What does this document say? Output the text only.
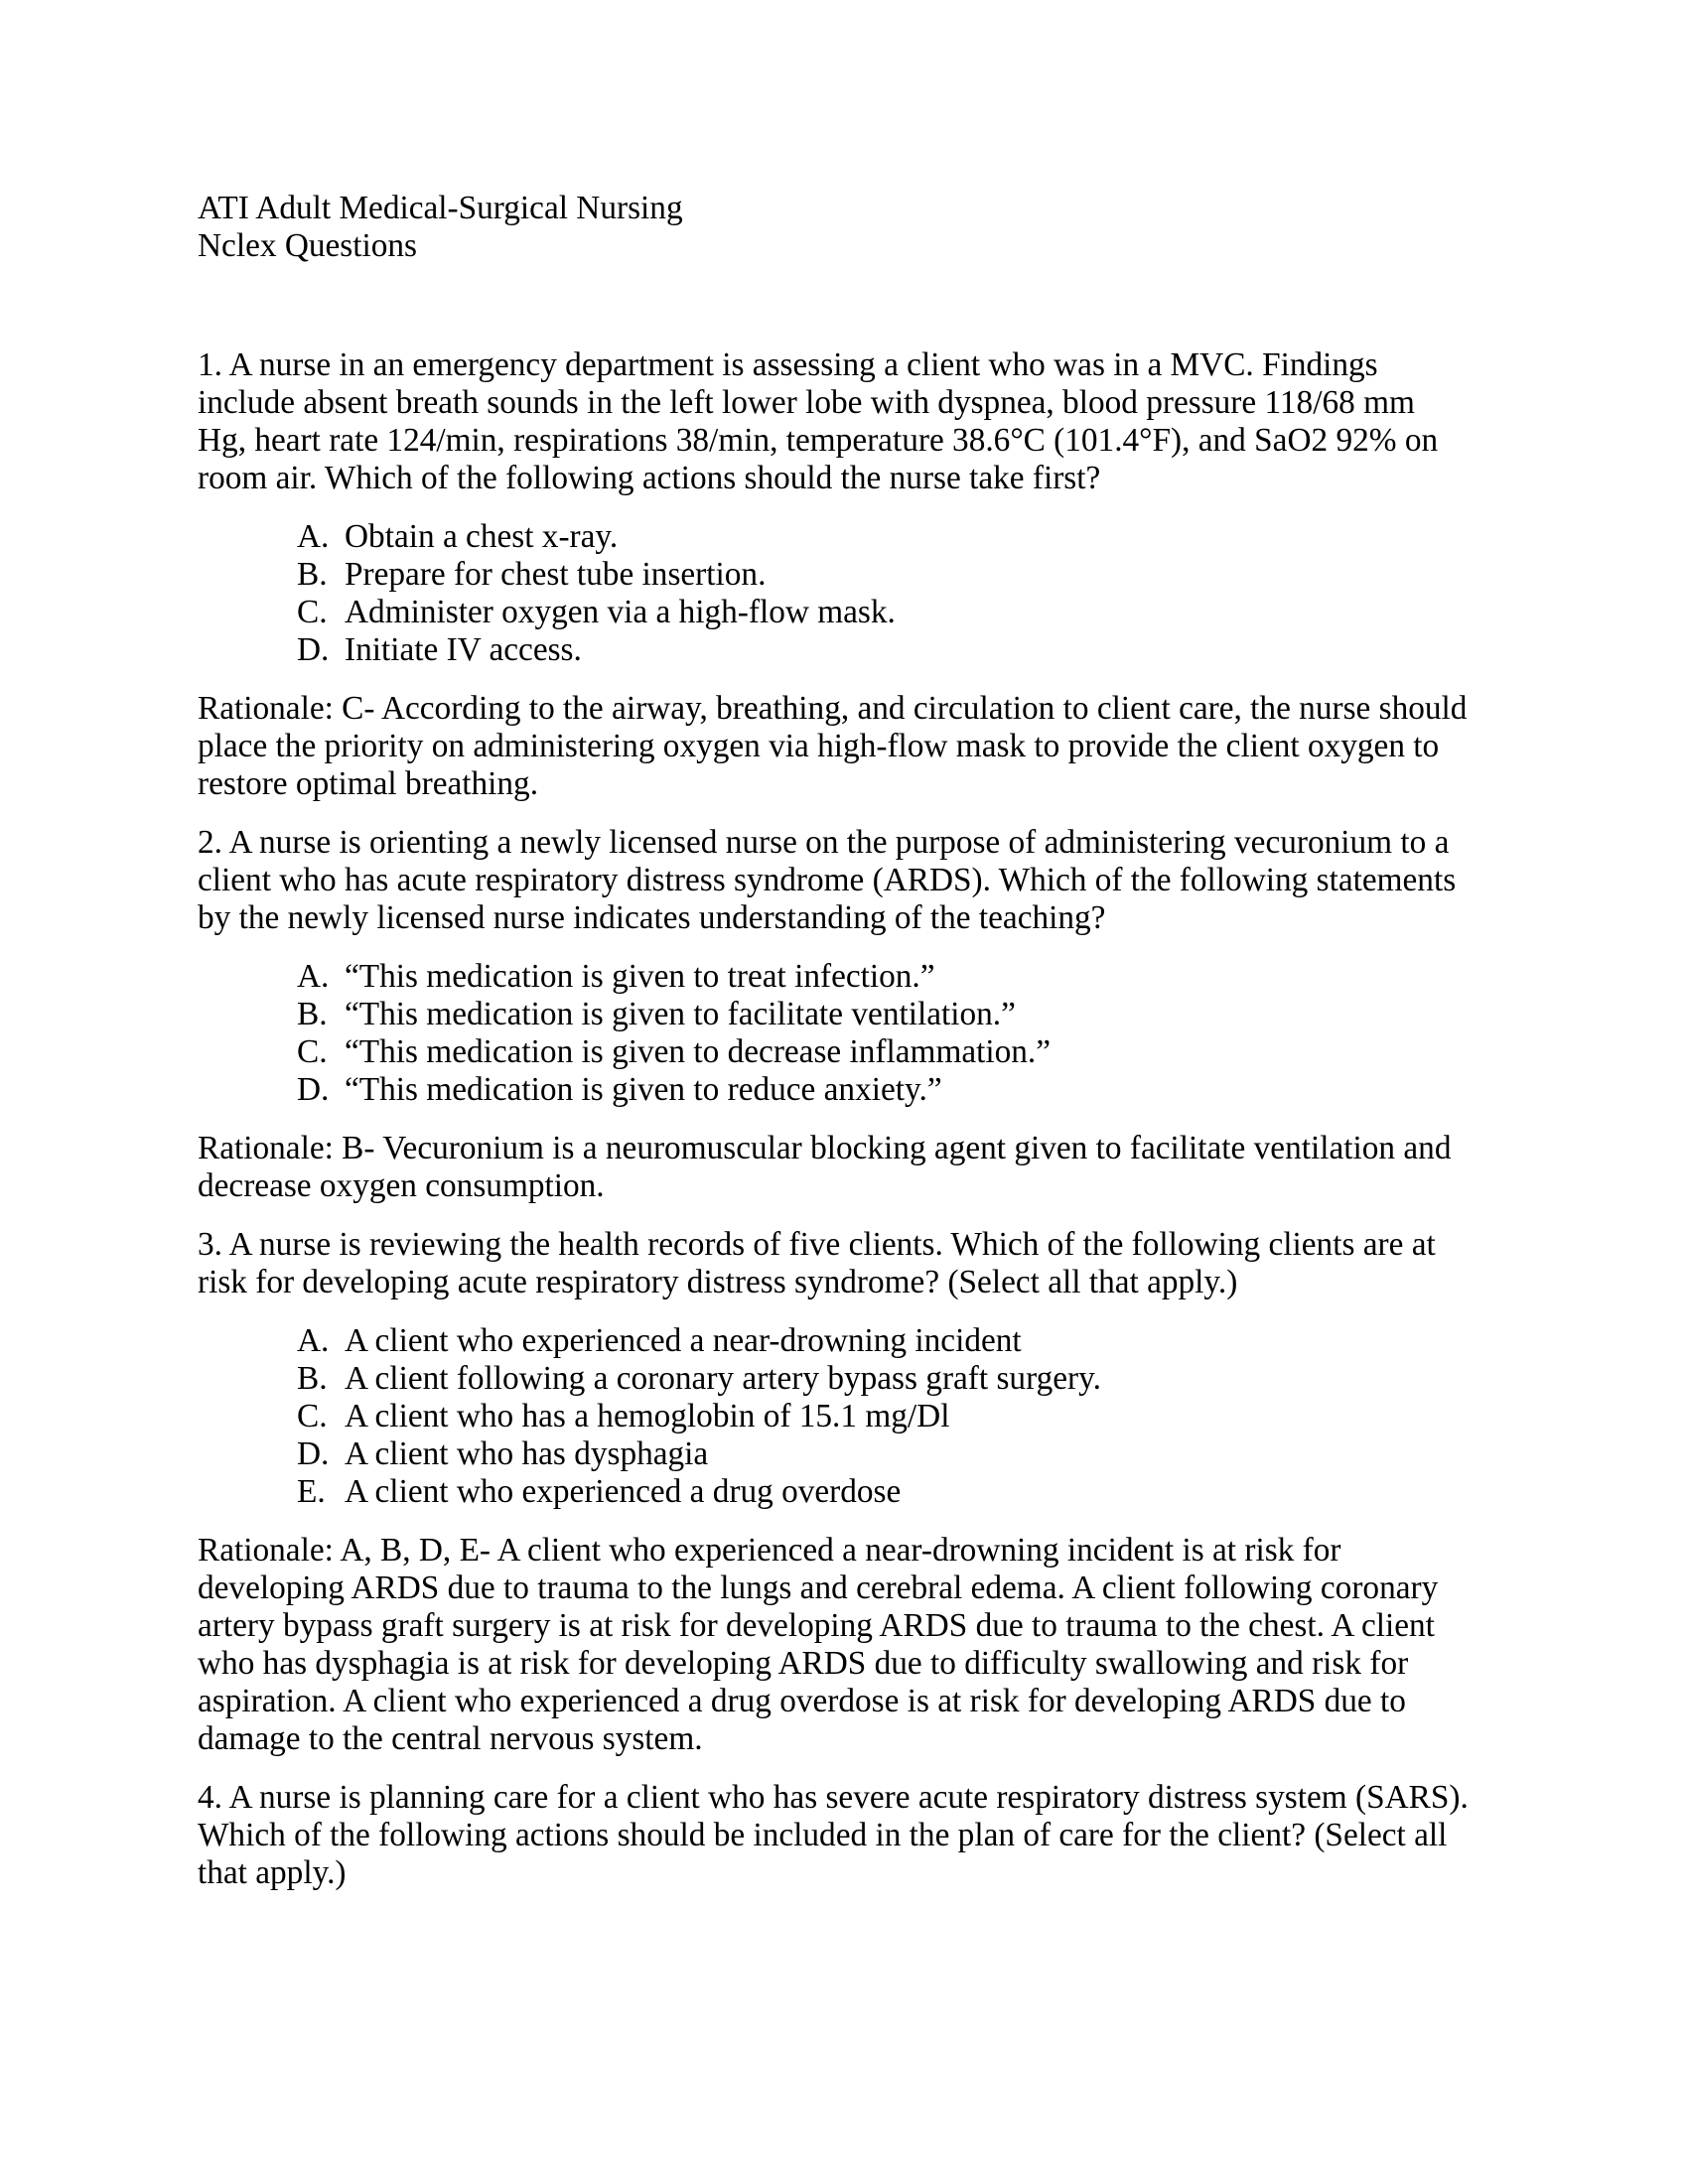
ATI Adult Medical-Surgical Nursing

Nclex Questions

1. A nurse in an emergency department is assessing a client who was in a MVC. Findings include absent breath sounds in the left lower lobe with dyspnea, blood pressure 118/68 mm Hg, heart rate 124/min, respirations 38/min, temperature 38.6°C (101.4°F), and SaO2 92% on room air. Which of the following actions should the nurse take first?

A. Obtain a chest x-ray.
B. Prepare for chest tube insertion.
C. Administer oxygen via a high-flow mask.
D. Initiate IV access.

Rationale: C- According to the airway, breathing, and circulation to client care, the nurse should place the priority on administering oxygen via high-flow mask to provide the client oxygen to restore optimal breathing.

2. A nurse is orienting a newly licensed nurse on the purpose of administering vecuronium to a client who has acute respiratory distress syndrome (ARDS). Which of the following statements by the newly licensed nurse indicates understanding of the teaching?

A. “This medication is given to treat infection.”
B. “This medication is given to facilitate ventilation.”
C. “This medication is given to decrease inflammation.”
D. “This medication is given to reduce anxiety.”

Rationale: B- Vecuronium is a neuromuscular blocking agent given to facilitate ventilation and decrease oxygen consumption.

3. A nurse is reviewing the health records of five clients. Which of the following clients are at risk for developing acute respiratory distress syndrome? (Select all that apply.)

A. A client who experienced a near-drowning incident
B. A client following a coronary artery bypass graft surgery.
C. A client who has a hemoglobin of 15.1 mg/Dl
D. A client who has dysphagia
E. A client who experienced a drug overdose

Rationale: A, B, D, E- A client who experienced a near-drowning incident is at risk for developing ARDS due to trauma to the lungs and cerebral edema. A client following coronary artery bypass graft surgery is at risk for developing ARDS due to trauma to the chest. A client who has dysphagia is at risk for developing ARDS due to difficulty swallowing and risk for aspiration. A client who experienced a drug overdose is at risk for developing ARDS due to damage to the central nervous system.

4. A nurse is planning care for a client who has severe acute respiratory distress system (SARS). Which of the following actions should be included in the plan of care for the client? (Select all that apply.)
